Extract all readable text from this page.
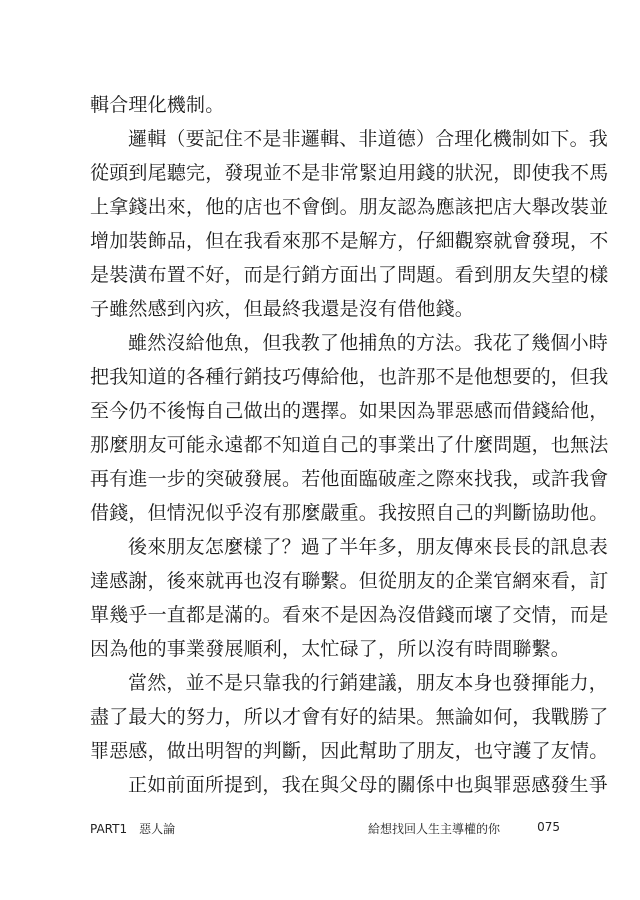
輯合理化機制。
邏輯（要記住不是非邏輯、非道德）合理化機制如下。我
從頭到尾聽完，發現並不是非常緊迫用錢的狀況，即使我不馬
上拿錢出來，他的店也不會倒。朋友認為應該把店大舉改裝並
增加裝飾品，但在我看來那不是解方，仔細觀察就會發現，不
是裝潢布置不好，而是行銷方面出了問題。看到朋友失望的樣
子雖然感到內疚，但最終我還是沒有借他錢。
雖然沒給他魚，但我教了他捕魚的方法。我花了幾個小時
把我知道的各種行銷技巧傳給他，也許那不是他想要的，但我
至今仍不後悔自己做出的選擇。如果因為罪惡感而借錢給他，
那麼朋友可能永遠都不知道自己的事業出了什麼問題，也無法
再有進一步的突破發展。若他面臨破產之際來找我，或許我會
借錢，但情況似乎沒有那麼嚴重。我按照自己的判斷協助他。
後來朋友怎麼樣了？過了半年多，朋友傳來長長的訊息表
達感謝，後來就再也沒有聯繫。但從朋友的企業官網來看，訂
單幾乎一直都是滿的。看來不是因為沒借錢而壞了交情，而是
因為他的事業發展順利，太忙碌了，所以沒有時間聯繫。
當然，並不是只靠我的行銷建議，朋友本身也發揮能力，
盡了最大的努力，所以才會有好的結果。無論如何，我戰勝了
罪惡感，做出明智的判斷，因此幫助了朋友，也守護了友情。
正如前面所提到，我在與父母的關係中也與罪惡感發生爭
PART1　惡人論	給想找回人生主導權的你	075
